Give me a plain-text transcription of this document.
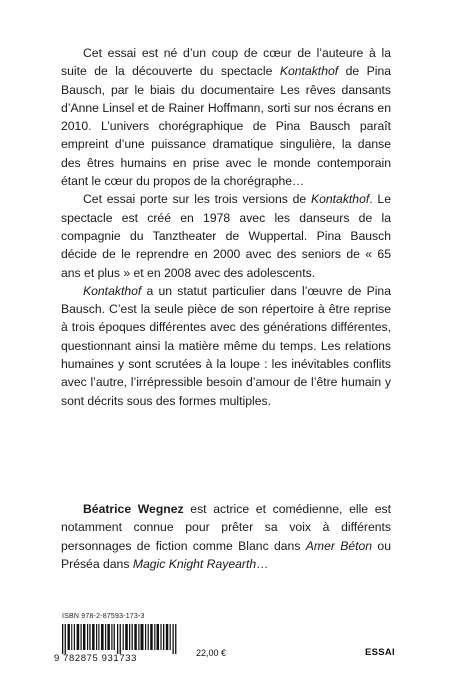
Cet essai est né d’un coup de cœur de l’auteure à la suite de la découverte du spectacle Kontakthof de Pina Bausch, par le biais du documentaire Les rêves dansants d’Anne Linsel et de Rainer Hoffmann, sorti sur nos écrans en 2010. L’univers chorégraphique de Pina Bausch paraît empreint d’une puissance dramatique singulière, la danse des êtres humains en prise avec le monde contemporain étant le cœur du propos de la chorégraphe…

Cet essai porte sur les trois versions de Kontakthof. Le spectacle est créé en 1978 avec les danseurs de la compagnie du Tanztheater de Wuppertal. Pina Bausch décide de le reprendre en 2000 avec des seniors de « 65 ans et plus » et en 2008 avec des adolescents.

Kontakthof a un statut particulier dans l’œuvre de Pina Bausch. C’est la seule pièce de son répertoire à être reprise à trois époques différentes avec des générations différentes, questionnant ainsi la matière même du temps. Les relations humaines y sont scrutées à la loupe : les inévitables conflits avec l’autre, l’irrépressible besoin d’amour de l’être humain y sont décrits sous des formes multiples.

Béatrice Wegnez est actrice et comédienne, elle est notamment connue pour prêter sa voix à différents personnages de fiction comme Blanc dans Amer Béton ou Préséa dans Magic Knight Rayearth…

ISBN 978-2-87593-173-3
9 782875 931733	22,00 €	ESSAI
